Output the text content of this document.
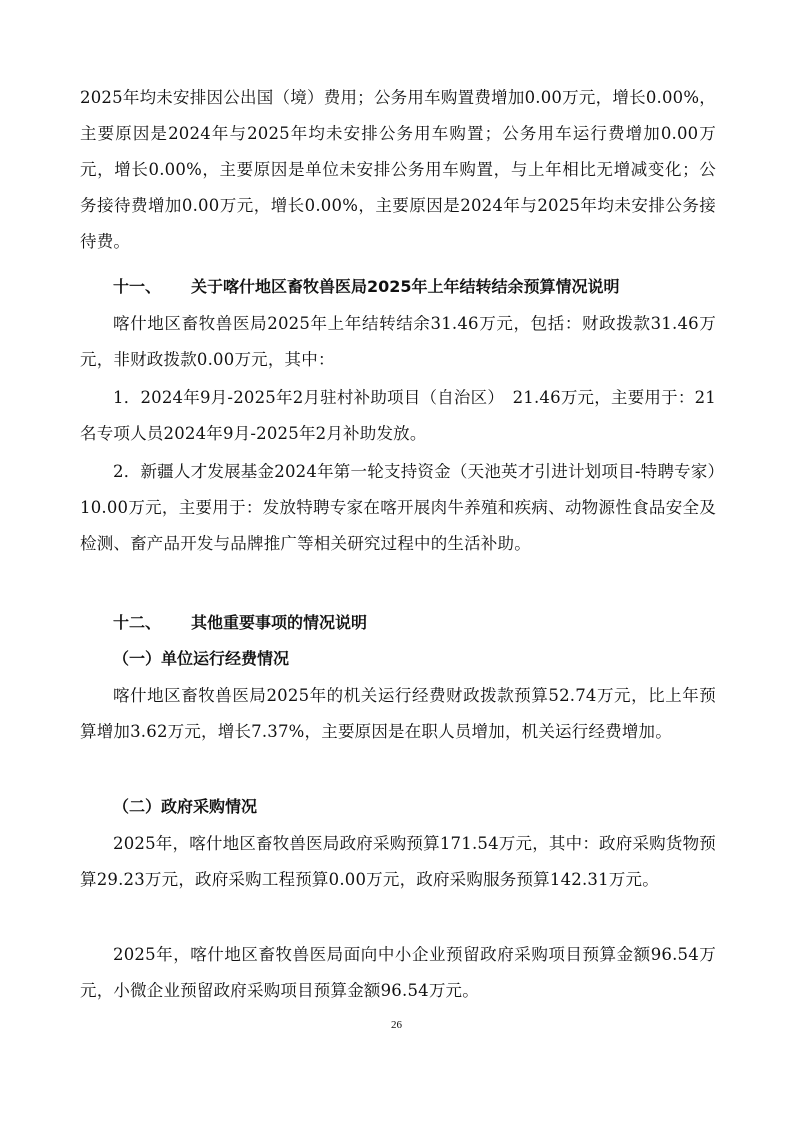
2025年均未安排因公出国（境）费用；公务用车购置费增加0.00万元，增长0.00%，主要原因是2024年与2025年均未安排公务用车购置；公务用车运行费增加0.00万元，增长0.00%，主要原因是单位未安排公务用车购置，与上年相比无增减变化；公务接待费增加0.00万元，增长0.00%，主要原因是2024年与2025年均未安排公务接待费。

十一、 关于喀什地区畜牧兽医局2025年上年结转结余预算情况说明

喀什地区畜牧兽医局2025年上年结转结余31.46万元，包括：财政拨款31.46万元，非财政拨款0.00万元，其中：

1．2024年9月-2025年2月驻村补助项目（自治区）　21.46万元，主要用于：21名专项人员2024年9月-2025年2月补助发放。

2．新疆人才发展基金2024年第一轮支持资金（天池英才引进计划项目-特聘专家）　10.00万元，主要用于：发放特聘专家在喀开展肉牛养殖和疾病、动物源性食品安全及检测、畜产品开发与品牌推广等相关研究过程中的生活补助。

十二、 其他重要事项的情况说明
（一）单位运行经费情况

喀什地区畜牧兽医局2025年的机关运行经费财政拨款预算52.74万元，比上年预算增加3.62万元，增长7.37%，主要原因是在职人员增加，机关运行经费增加。

（二）政府采购情况

2025年，喀什地区畜牧兽医局政府采购预算171.54万元，其中：政府采购货物预算29.23万元，政府采购工程预算0.00万元，政府采购服务预算142.31万元。

2025年，喀什地区畜牧兽医局面向中小企业预留政府采购项目预算金额96.54万元，小微企业预留政府采购项目预算金额96.54万元。

26
